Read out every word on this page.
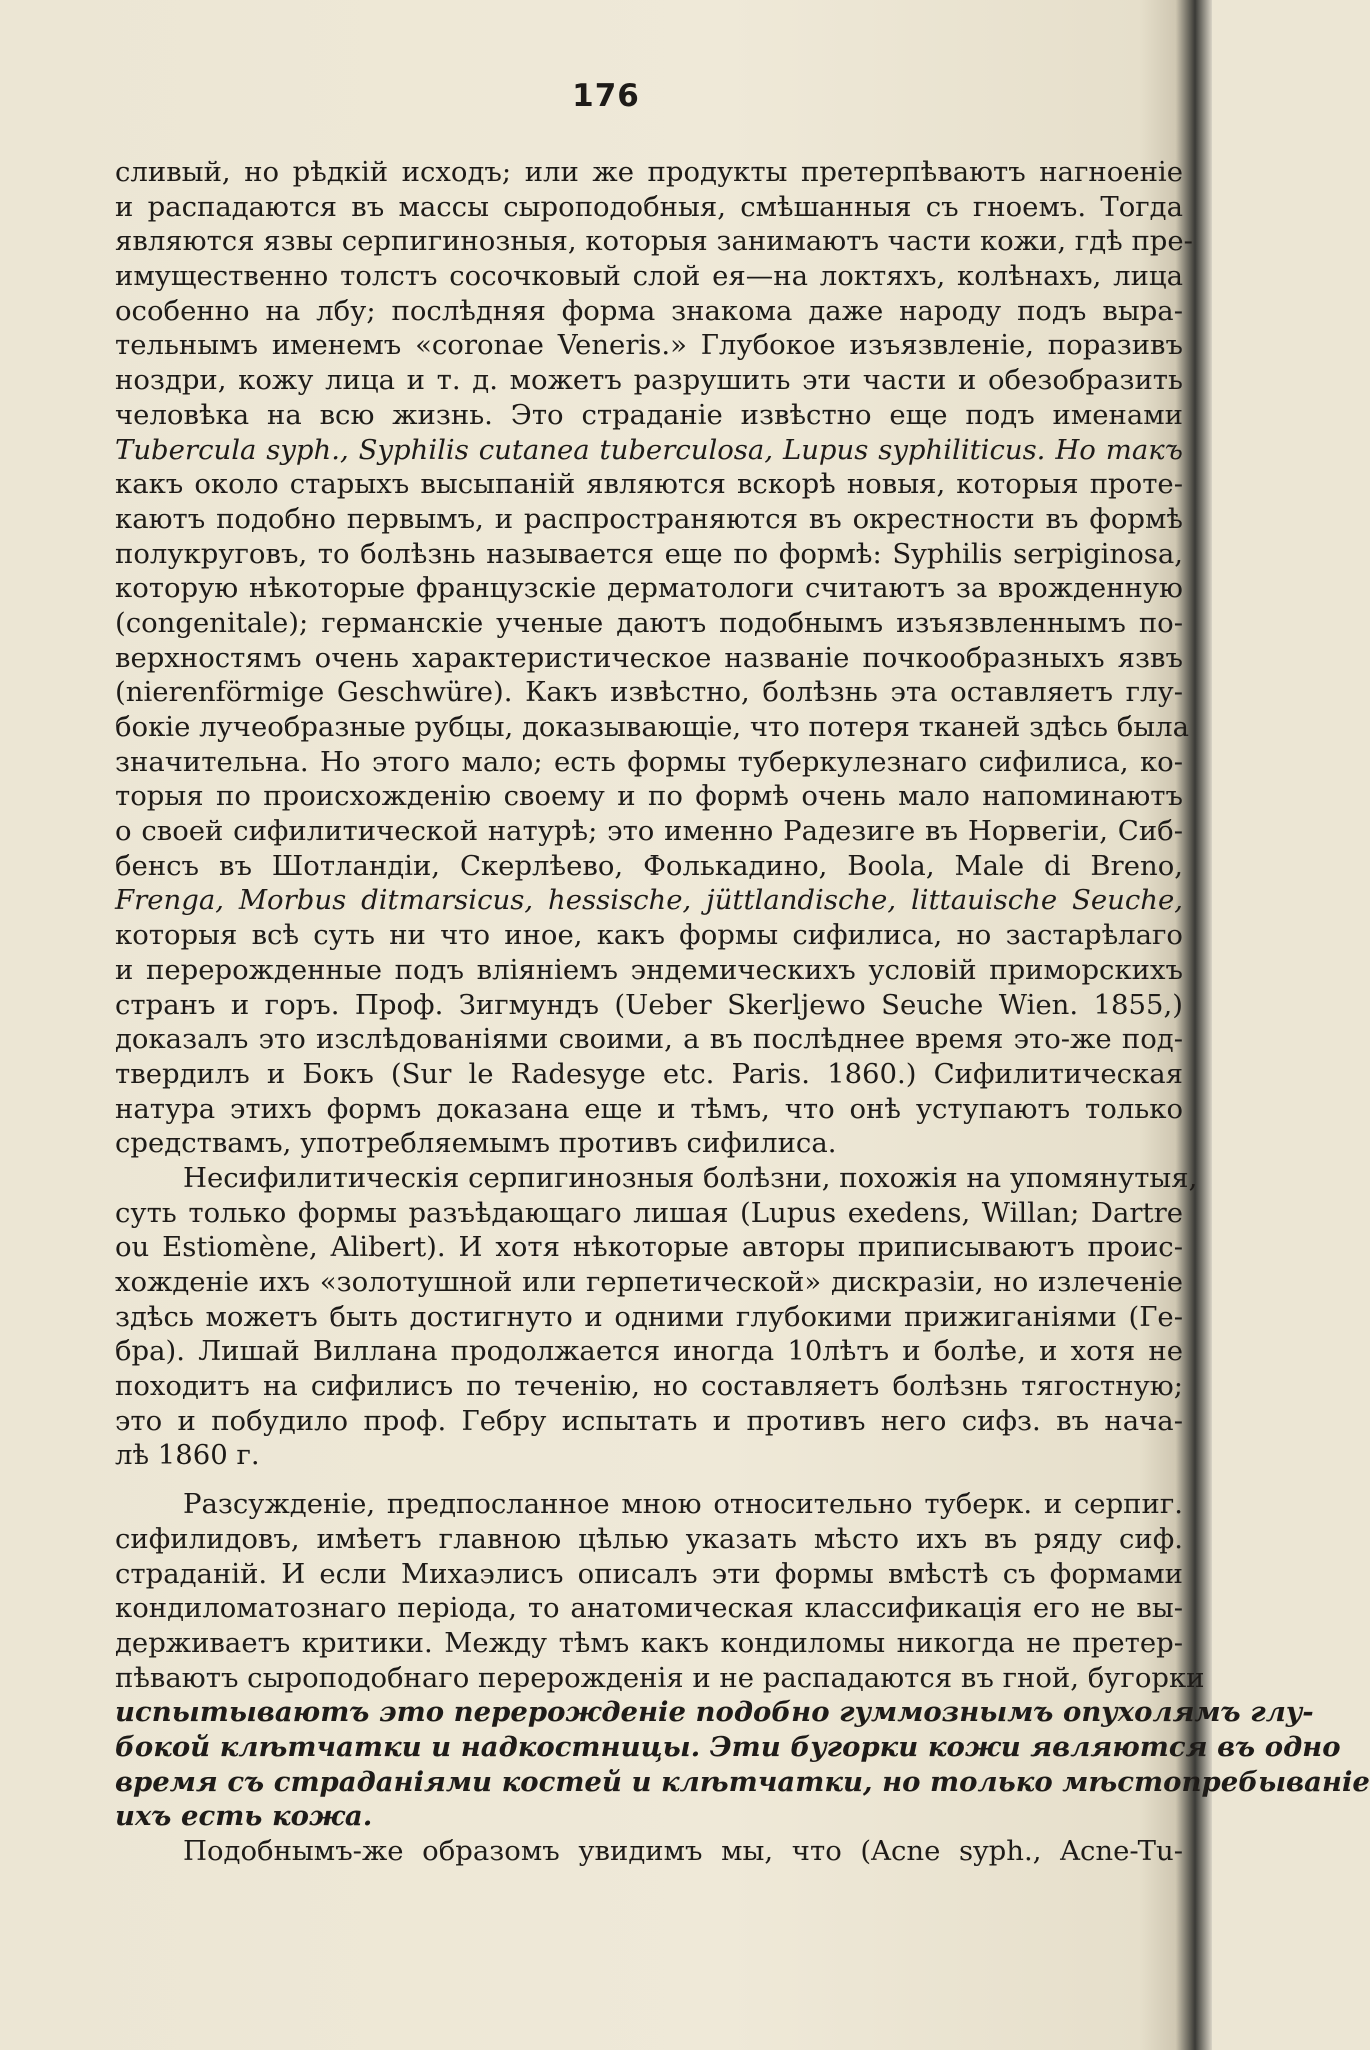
176
сливый, но рѣдкій исходъ; или же продукты претерпѣваютъ нагноеніе
и распадаются въ массы сыроподобныя, смѣшанныя съ гноемъ. Тогда
являются язвы серпигинозныя, которыя занимаютъ части кожи, гдѣ пре-
имущественно толстъ сосочковый слой ея—на локтяхъ, колѣнахъ, лица
особенно на лбу; послѣдняя форма знакома даже народу подъ выра-
тельнымъ именемъ «coronae Veneris.» Глубокое изъязвленіе, поразивъ
ноздри, кожу лица и т. д. можетъ разрушить эти части и обезобразить
человѣка на всю жизнь. Это страданіе извѣстно еще подъ именами
Tubercula syph., Syphilis cutanea tuberculosa, Lupus syphiliticus. Но такъ
какъ около старыхъ высыпаній являются вскорѣ новыя, которыя проте-
каютъ подобно первымъ, и распространяются въ окрестности въ формѣ
полукруговъ, то болѣзнь называется еще по формѣ: Syphilis serpiginosa,
которую нѣкоторые французскіе дерматологи считаютъ за врожденную
(congenitale); германскіе ученые даютъ подобнымъ изъязвленнымъ по-
верхностямъ очень характеристическое названіе почкообразныхъ язвъ
(nierenförmige Geschwüre). Какъ извѣстно, болѣзнь эта оставляетъ глу-
бокіе лучеобразные рубцы, доказывающіе, что потеря тканей здѣсь была
значительна. Но этого мало; есть формы туберкулезнаго сифилиса, ко-
торыя по происхожденію своему и по формѣ очень мало напоминаютъ
о своей сифилитической натурѣ; это именно Радезиге въ Норвегіи, Сиб-
бенсъ въ Шотландіи, Скерлѣево, Фолькадино, Boola, Male di Breno,
Frenga, Morbus ditmarsicus, hessische, jüttlandische, littauische Seuche,
которыя всѣ суть ни что иное, какъ формы сифилиса, но застарѣлаго
и перерожденные подъ вліяніемъ эндемическихъ условій приморскихъ
странъ и горъ. Проф. Зигмундъ (Ueber Skerljewo Seuche Wien. 1855,)
доказалъ это изслѣдованіями своими, а въ послѣднее время это-же под-
твердилъ и Бокъ (Sur le Radesyge etc. Paris. 1860.) Сифилитическая
натура этихъ формъ доказана еще и тѣмъ, что онѣ уступаютъ только
средствамъ, употребляемымъ противъ сифилиса.
Несифилитическія серпигинозныя болѣзни, похожія на упомянутыя,
суть только формы разъѣдающаго лишая (Lupus exedens, Willan; Dartre
ou Estiomène, Alibert). И хотя нѣкоторые авторы приписываютъ проис-
хожденіе ихъ «золотушной или герпетической» дискразіи, но излеченіе
здѣсь можетъ быть достигнуто и одними глубокими прижиганіями (Ге-
бра). Лишай Виллана продолжается иногда 10лѣтъ и болѣе, и хотя не
походитъ на сифилисъ по теченію, но составляетъ болѣзнь тягостную;
это и побудило проф. Гебру испытать и противъ него сифз. въ нача-
лѣ 1860 г.
Разсужденіе, предпосланное мною относительно туберк. и серпиг.
сифилидовъ, имѣетъ главною цѣлью указать мѣсто ихъ въ ряду сиф.
страданій. И если Михаэлисъ описалъ эти формы вмѣстѣ съ формами
кондиломатознаго періода, то анатомическая классификація его не вы-
держиваетъ критики. Между тѣмъ какъ кондиломы никогда не претер-
пѣваютъ сыроподобнаго перерожденія и не распадаются въ гной, бугорки
испытываютъ это перерожденіе подобно гуммознымъ опухолямъ глу-
бокой клѣтчатки и надкостницы. Эти бугорки кожи являются въ одно
время съ страданіями костей и клѣтчатки, но только мѣстопребываніе
ихъ есть кожа.
Подобнымъ-же образомъ увидимъ мы, что (Acne syph., Acne-Tu-
